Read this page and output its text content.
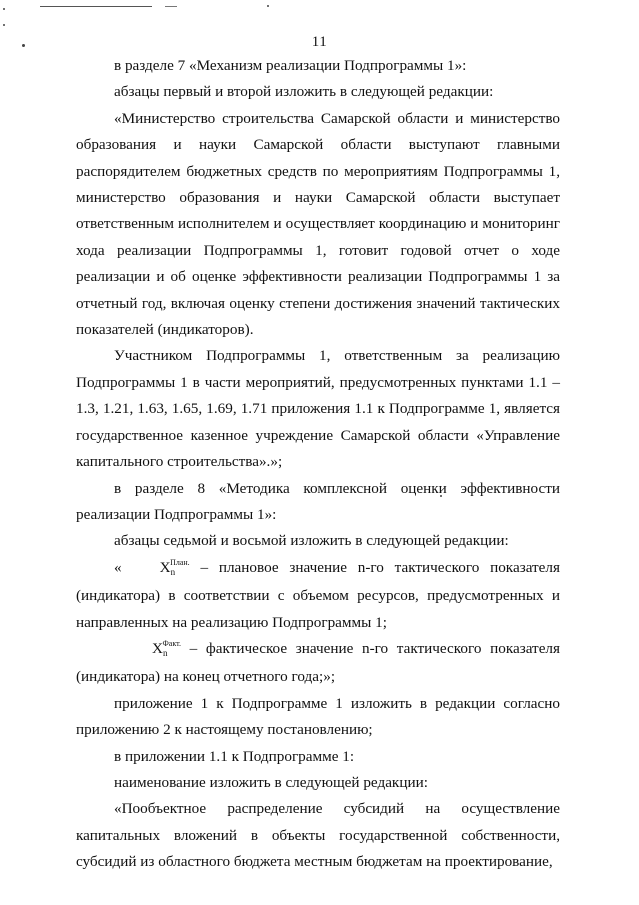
11

в разделе 7 «Механизм реализации Подпрограммы 1»:

абзацы первый и второй изложить в следующей редакции:

«Министерство строительства Самарской области и министерство

образования и науки Самарской области выступают главными

распорядителем бюджетных средств по мероприятиям Подпрограммы 1,

министерство образования и науки Самарской области выступает

ответственным исполнителем и осуществляет координацию и мониторинг

хода реализации Подпрограммы 1, готовит годовой отчет о ходе

реализации и об оценке эффективности реализации Подпрограммы 1 за

отчетный год, включая оценку степени достижения значений тактических

показателей (индикаторов).

Участником Подпрограммы 1, ответственным за реализацию

Подпрограммы 1 в части мероприятий, предусмотренных пунктами 1.1 –

1.3, 1.21, 1.63, 1.65, 1.69, 1.71 приложения 1.1 к Подпрограмме 1, является

государственное казенное учреждение Самарской области «Управление

капитального строительства».»;

в разделе 8 «Методика комплексной оценки эффективности

реализации Подпрограммы 1»:

абзацы седьмой и восьмой изложить в следующей редакции:

«	$Xn^{План.}$ – плановое значение n-го тактического показателя

(индикатора) в соответствии с объемом ресурсов, предусмотренных и

направленных на реализацию Подпрограммы 1;

$Xn^{Факт.}$ – фактическое значение n-го тактического показателя

(индикатора) на конец отчетного года;»;

приложение 1 к Подпрограмме 1 изложить в редакции согласно

приложению 2 к настоящему постановлению;

в приложении 1.1 к Подпрограмме 1:

наименование изложить в следующей редакции:

«Пообъектное распределение субсидий на осуществление

капитальных вложений в объекты государственной собственности,

субсидий из областного бюджета местным бюджетам на проектирование,
